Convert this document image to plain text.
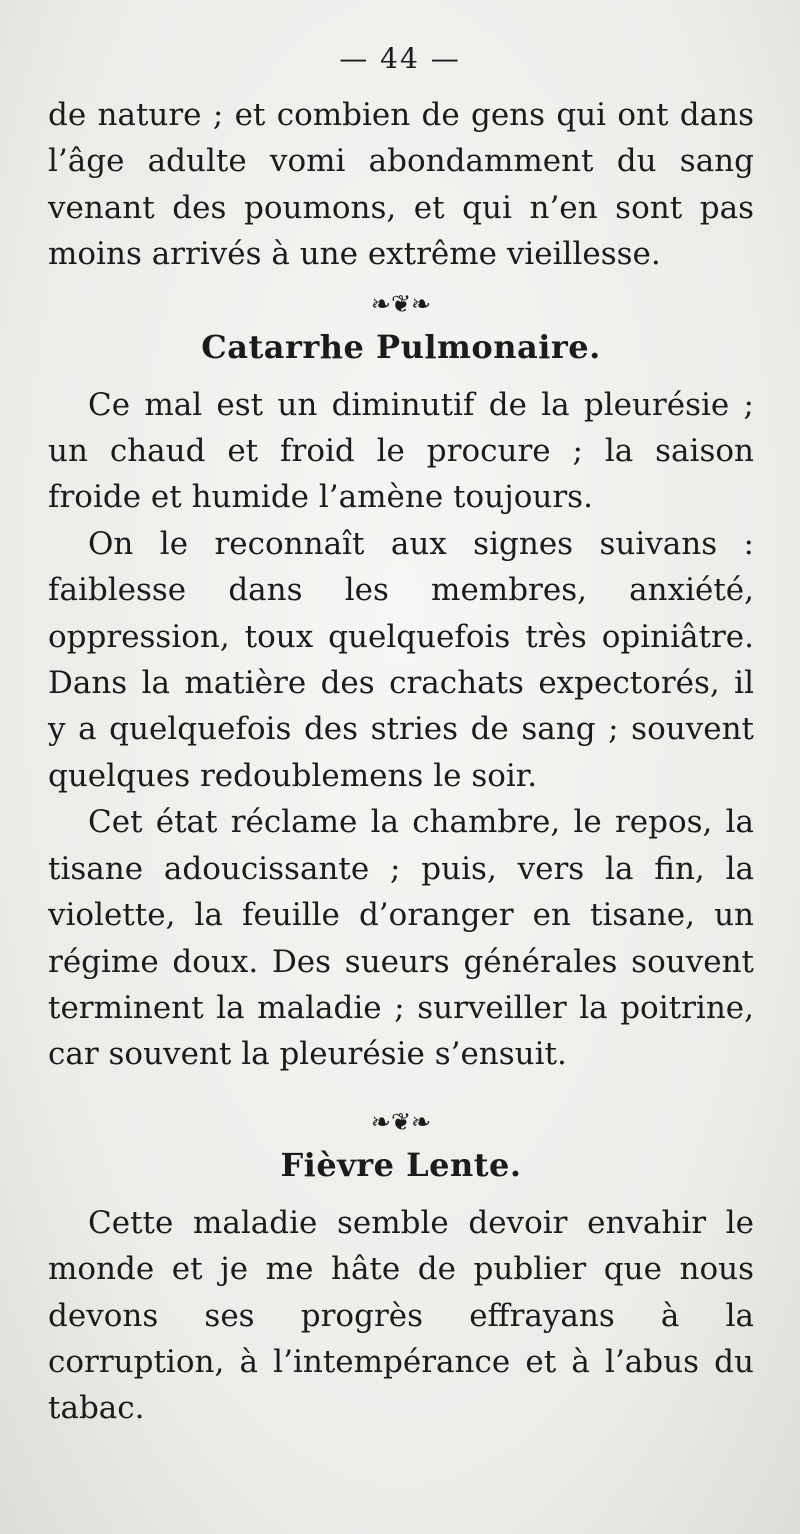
— 44 —

de nature ; et combien de gens qui ont dans l’âge adulte vomi abondamment du sang venant des poumons, et qui n’en sont pas moins arrivés à une extrême vieillesse.

❧❦❧
Catarrhe Pulmonaire.

Ce mal est un diminutif de la pleurésie ; un chaud et froid le procure ; la saison froide et humide l’amène toujours.

On le reconnaît aux signes suivans : faiblesse dans les membres, anxiété, oppression, toux quelquefois très opiniâtre. Dans la matière des crachats expectorés, il y a quelquefois des stries de sang ; souvent quelques redoublemens le soir.

Cet état réclame la chambre, le repos, la tisane adoucissante ; puis, vers la fin, la violette, la feuille d’oranger en tisane, un régime doux. Des sueurs générales souvent terminent la maladie ; surveiller la poitrine, car souvent la pleurésie s’ensuit.

❧❦❧
Fièvre Lente.

Cette maladie semble devoir envahir le monde et je me hâte de publier que nous devons ses progrès effrayans à la corruption, à l’intempérance et à l’abus du tabac.
